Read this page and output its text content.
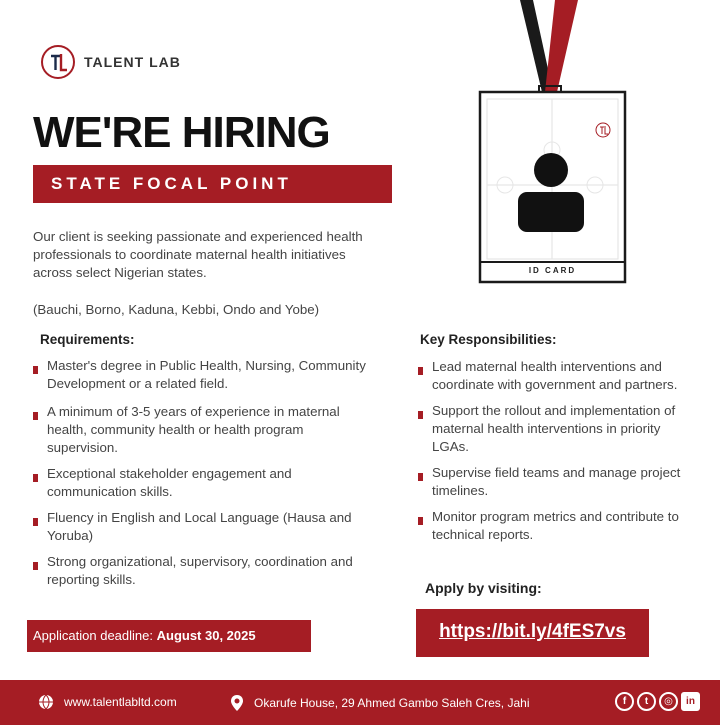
TALENT LAB
WE'RE HIRING
STATE FOCAL POINT

Our client is seeking passionate and experienced health professionals to coordinate maternal health initiatives across select Nigerian states.

(Bauchi, Borno, Kaduna, Kebbi, Ondo and Yobe)

Requirements:
Master's degree in Public Health, Nursing, Community Development or a related field.
A minimum of 3-5 years of experience in maternal health, community health or health program supervision.
Exceptional stakeholder engagement and communication skills.
Fluency in English and Local Language (Hausa and Yoruba)
Strong organizational, supervisory, coordination and reporting skills.
Key Responsibilities:
Lead maternal health interventions and coordinate with government and partners.
Support the rollout and implementation of maternal health interventions in priority LGAs.
Supervise field teams and manage project timelines.
Monitor program metrics and contribute to technical reports.
Apply by visiting:
https://bit.ly/4fES7vs
Application deadline: August 30, 2025
ID CARD
www.talentlabltd.com	Okarufe House, 29 Ahmed Gambo Saleh Cres, Jahi	f	t	◎	in
